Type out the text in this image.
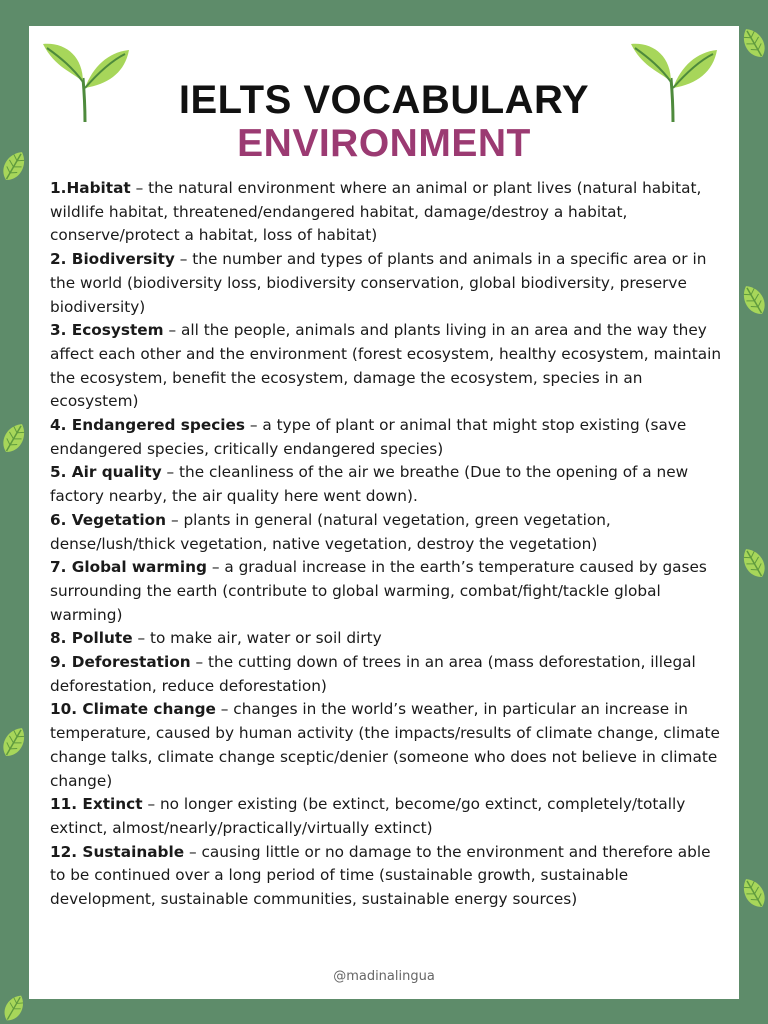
IELTS VOCABULARY
ENVIRONMENT
1.Habitat – the natural environment where an animal or plant lives (natural habitat, wildlife habitat, threatened/endangered habitat, damage/destroy a habitat, conserve/protect a habitat, loss of habitat)
2. Biodiversity – the number and types of plants and animals in a specific area or in the world (biodiversity loss, biodiversity conservation, global biodiversity, preserve biodiversity)
3. Ecosystem – all the people, animals and plants living in an area and the way they affect each other and the environment (forest ecosystem, healthy ecosystem, maintain the ecosystem, benefit the ecosystem, damage the ecosystem, species in an ecosystem)
4. Endangered species – a type of plant or animal that might stop existing (save endangered species, critically endangered species)
5. Air quality – the cleanliness of the air we breathe (Due to the opening of a new factory nearby, the air quality here went down).
6. Vegetation – plants in general (natural vegetation, green vegetation, dense/lush/thick vegetation, native vegetation, destroy the vegetation)
7. Global warming – a gradual increase in the earth’s temperature caused by gases surrounding the earth (contribute to global warming, combat/fight/tackle global warming)
8. Pollute – to make air, water or soil dirty
9. Deforestation – the cutting down of trees in an area (mass deforestation, illegal deforestation, reduce deforestation)
10. Climate change – changes in the world’s weather, in particular an increase in temperature, caused by human activity (the impacts/results of climate change, climate change talks, climate change sceptic/denier (someone who does not believe in climate change)
11. Extinct – no longer existing (be extinct, become/go extinct, completely/totally extinct, almost/nearly/practically/virtually extinct)
12. Sustainable – causing little or no damage to the environment and therefore able to be continued over a long period of time (sustainable growth, sustainable development, sustainable communities, sustainable energy sources)
@madinalingua
